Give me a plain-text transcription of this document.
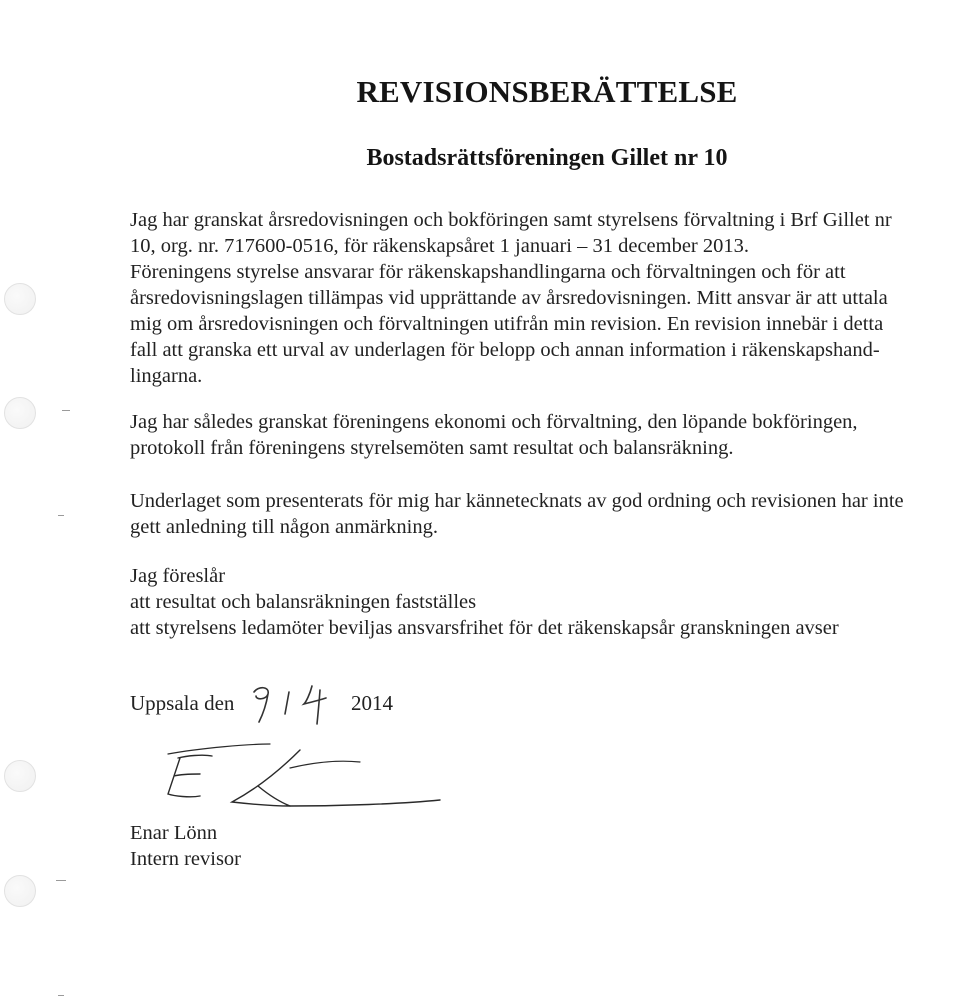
REVISIONSBERÄTTELSE
Bostadsrättsföreningen Gillet nr 10
Jag har granskat årsredovisningen och bokföringen samt styrelsens förvaltning i Brf Gillet nr
10, org. nr. 717600-0516, för räkenskapsåret 1 januari – 31 december 2013.
Föreningens styrelse ansvarar för räkenskapshandlingarna och förvaltningen och för att
årsredovisningslagen tillämpas vid upprättande av årsredovisningen. Mitt ansvar är att uttala
mig om årsredovisningen och förvaltningen utifrån min revision. En revision innebär i detta
fall att granska ett urval av underlagen för belopp och annan information i räkenskapshand-
lingarna.
Jag har således granskat föreningens ekonomi och förvaltning, den löpande bokföringen,
protokoll från föreningens styrelsemöten samt resultat och balansräkning.
Underlaget som presenterats för mig har kännetecknats av god ordning och revisionen har inte
gett anledning till någon anmärkning.
Jag föreslår
att resultat och balansräkningen fastställes
att styrelsens ledamöter beviljas ansvarsfrihet för det räkenskapsår granskningen avser
Uppsala den	2014
Enar Lönn
Intern revisor
